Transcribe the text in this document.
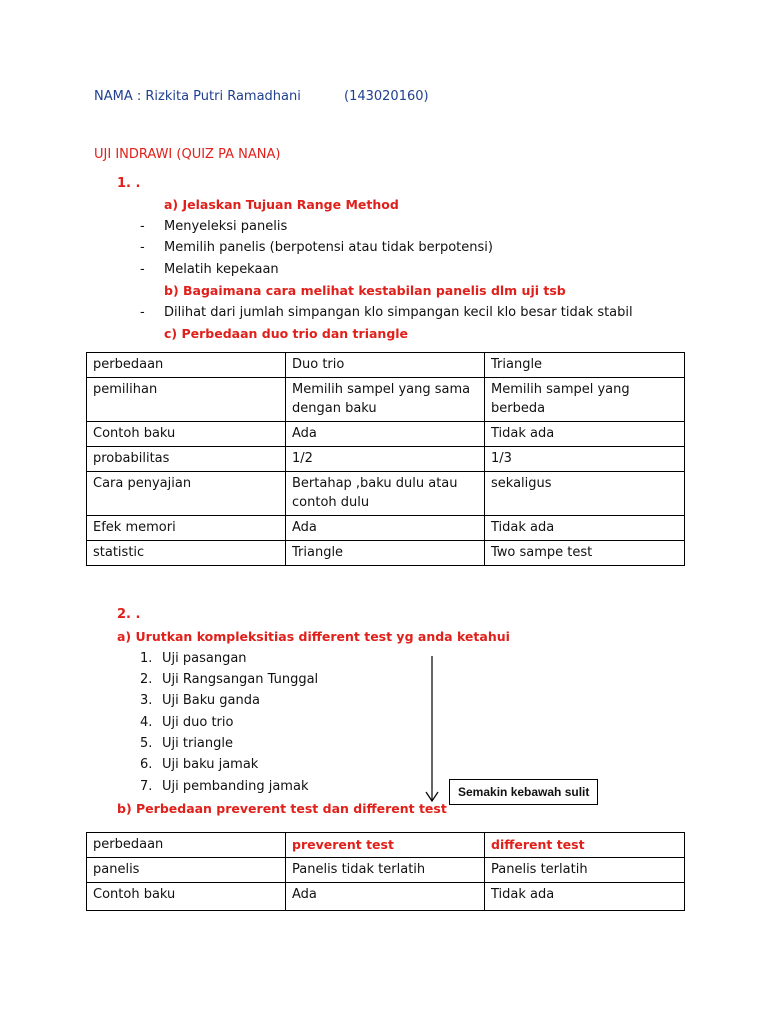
NAMA : Rizkita Putri Ramadhani	(143020160)
UJI INDRAWI (QUIZ PA NANA)
1. .
a) Jelaskan Tujuan Range Method
- Menyeleksi panelis
- Memilih panelis (berpotensi atau tidak berpotensi)
- Melatih kepekaan
b) Bagaimana cara melihat kestabilan panelis dlm uji tsb
- Dilihat dari jumlah simpangan klo simpangan kecil klo besar tidak stabil
c) Perbedaan duo trio dan triangle
perbedaan	Duo trio	Triangle
pemilihan	Memilih sampel yang sama dengan baku	Memilih sampel yang berbeda
Contoh baku	Ada	Tidak ada
probabilitas	1/2	1/3
Cara penyajian	Bertahap ,baku dulu atau contoh dulu	sekaligus
Efek memori	Ada	Tidak ada
statistic	Triangle	Two sampe test
2. .
a) Urutkan kompleksitias different test yg anda ketahui
1. Uji pasangan
2. Uji Rangsangan Tunggal
3. Uji Baku ganda
4. Uji duo trio
5. Uji triangle
6. Uji baku jamak
7. Uji pembanding jamak	Semakin kebawah sulit
b) Perbedaan preverent test dan different test
perbedaan	preverent test	different test
panelis	Panelis tidak terlatih	Panelis terlatih
Contoh baku	Ada	Tidak ada
